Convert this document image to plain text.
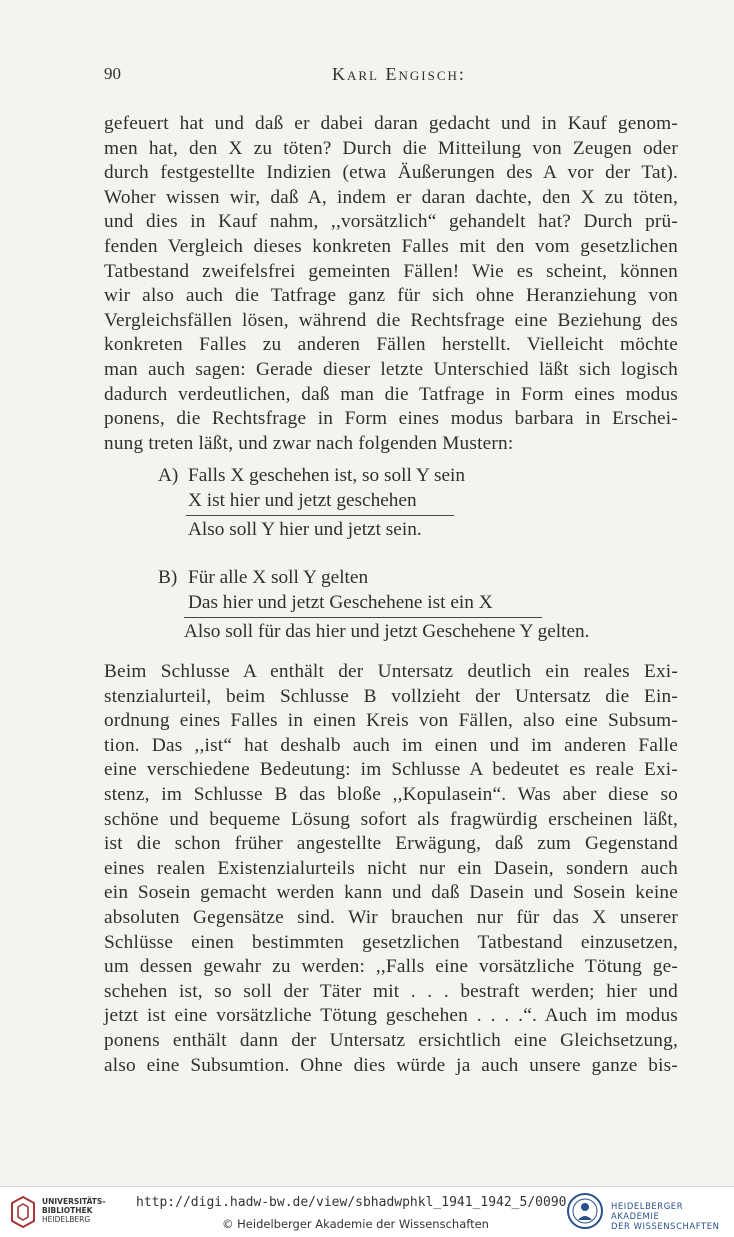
90	Karl Engisch:
gefeuert hat und daß er dabei daran gedacht und in Kauf genom-
men hat, den X zu töten? Durch die Mitteilung von Zeugen oder
durch festgestellte Indizien (etwa Äußerungen des A vor der Tat).
Woher wissen wir, daß A, indem er daran dachte, den X zu töten,
und dies in Kauf nahm, ,,vorsätzlich“ gehandelt hat? Durch prü-
fenden Vergleich dieses konkreten Falles mit den vom gesetzlichen
Tatbestand zweifelsfrei gemeinten Fällen! Wie es scheint, können
wir also auch die Tatfrage ganz für sich ohne Heranziehung von
Vergleichsfällen lösen, während die Rechtsfrage eine Beziehung des
konkreten Falles zu anderen Fällen herstellt. Vielleicht möchte
man auch sagen: Gerade dieser letzte Unterschied läßt sich logisch
dadurch verdeutlichen, daß man die Tatfrage in Form eines modus
ponens, die Rechtsfrage in Form eines modus barbara in Erschei-
nung treten läßt, und zwar nach folgenden Mustern:
A) Falls X geschehen ist, so soll Y sein
X ist hier und jetzt geschehen
Also soll Y hier und jetzt sein.
B) Für alle X soll Y gelten
Das hier und jetzt Geschehene ist ein X
Also soll für das hier und jetzt Geschehene Y gelten.
Beim Schlusse A enthält der Untersatz deutlich ein reales Exi-
stenzialurteil, beim Schlusse B vollzieht der Untersatz die Ein-
ordnung eines Falles in einen Kreis von Fällen, also eine Subsum-
tion. Das ,,ist“ hat deshalb auch im einen und im anderen Falle
eine verschiedene Bedeutung: im Schlusse A bedeutet es reale Exi-
stenz, im Schlusse B das bloße ,,Kopulasein“. Was aber diese so
schöne und bequeme Lösung sofort als fragwürdig erscheinen läßt,
ist die schon früher angestellte Erwägung, daß zum Gegenstand
eines realen Existenzialurteils nicht nur ein Dasein, sondern auch
ein Sosein gemacht werden kann und daß Dasein und Sosein keine
absoluten Gegensätze sind. Wir brauchen nur für das X unserer
Schlüsse einen bestimmten gesetzlichen Tatbestand einzusetzen,
um dessen gewahr zu werden: ,,Falls eine vorsätzliche Tötung ge-
schehen ist, so soll der Täter mit . . . bestraft werden; hier und
jetzt ist eine vorsätzliche Tötung geschehen . . . .“. Auch im modus
ponens enthält dann der Untersatz ersichtlich eine Gleichsetzung,
also eine Subsumtion. Ohne dies würde ja auch unsere ganze bis-
UNIVERSITÄTS-
BIBLIOTHEK
HEIDELBERG
http://digi.hadw-bw.de/view/sbhadwphkl_1941_1942_5/0090
© Heidelberger Akademie der Wissenschaften
HEIDELBERGER AKADEMIE
DER WISSENSCHAFTEN
